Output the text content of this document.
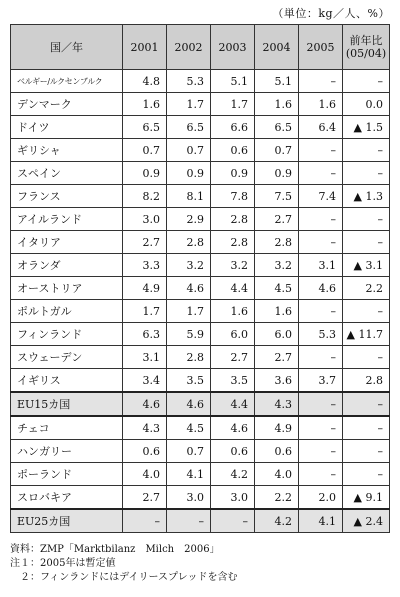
（単位：kg／人、%）
国／年	2001	2002	2003	2004	2005	前年比
(05/04)
ベルギー/ルクセンブルク	4.8	5.3	5.1	5.1	–	–
デンマーク	1.6	1.7	1.7	1.6	1.6	0.0
ドイツ	6.5	6.5	6.6	6.5	6.4	▲ 1.5
ギリシャ	0.7	0.7	0.6	0.7	–	–
スペイン	0.9	0.9	0.9	0.9	–	–
フランス	8.2	8.1	7.8	7.5	7.4	▲ 1.3
アイルランド	3.0	2.9	2.8	2.7	–	–
イタリア	2.7	2.8	2.8	2.8	–	–
オランダ	3.3	3.2	3.2	3.2	3.1	▲ 3.1
オーストリア	4.9	4.6	4.4	4.5	4.6	2.2
ポルトガル	1.7	1.7	1.6	1.6	–	–
フィンランド	6.3	5.9	6.0	6.0	5.3	▲ 11.7
スウェーデン	3.1	2.8	2.7	2.7	–	–
イギリス	3.4	3.5	3.5	3.6	3.7	2.8
EU15カ国	4.6	4.6	4.4	4.3	–	–
チェコ	4.3	4.5	4.6	4.9	–	–
ハンガリー	0.6	0.7	0.6	0.6	–	–
ポーランド	4.0	4.1	4.2	4.0	–	–
スロバキア	2.7	3.0	3.0	2.2	2.0	▲ 9.1
EU25カ国	–	–	–	4.2	4.1	▲ 2.4
資料：ZMP「Marktbilanz　Milch　2006」
注１：2005年は暫定値
　２：フィンランドにはデイリースプレッドを含む
